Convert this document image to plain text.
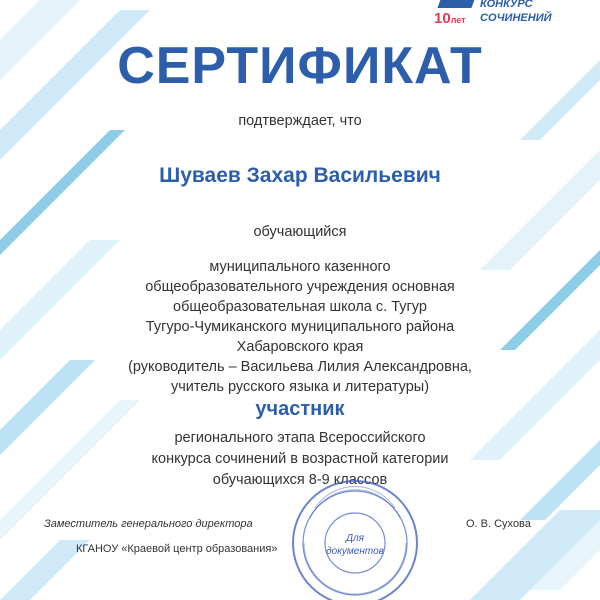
10лет
КОНКУРС
СОЧИНЕНИЙ
СЕРТИФИКАТ
подтверждает, что
Шуваев Захар Васильевич
обучающийся
муниципального казенного
общеобразовательного учреждения основная
общеобразовательная школа с. Тугур
Тугуро-Чумиканского муниципального района
Хабаровского края
(руководитель – Васильева Лилия Александровна,
учитель русского языка и литературы)
участник
регионального этапа Всероссийского
конкурса сочинений в возрастной категории
обучающихся 8-9 классов
Для
документов
Заместитель генерального директора
КГАНОУ «Краевой центр образования»
О. В. Сухова
